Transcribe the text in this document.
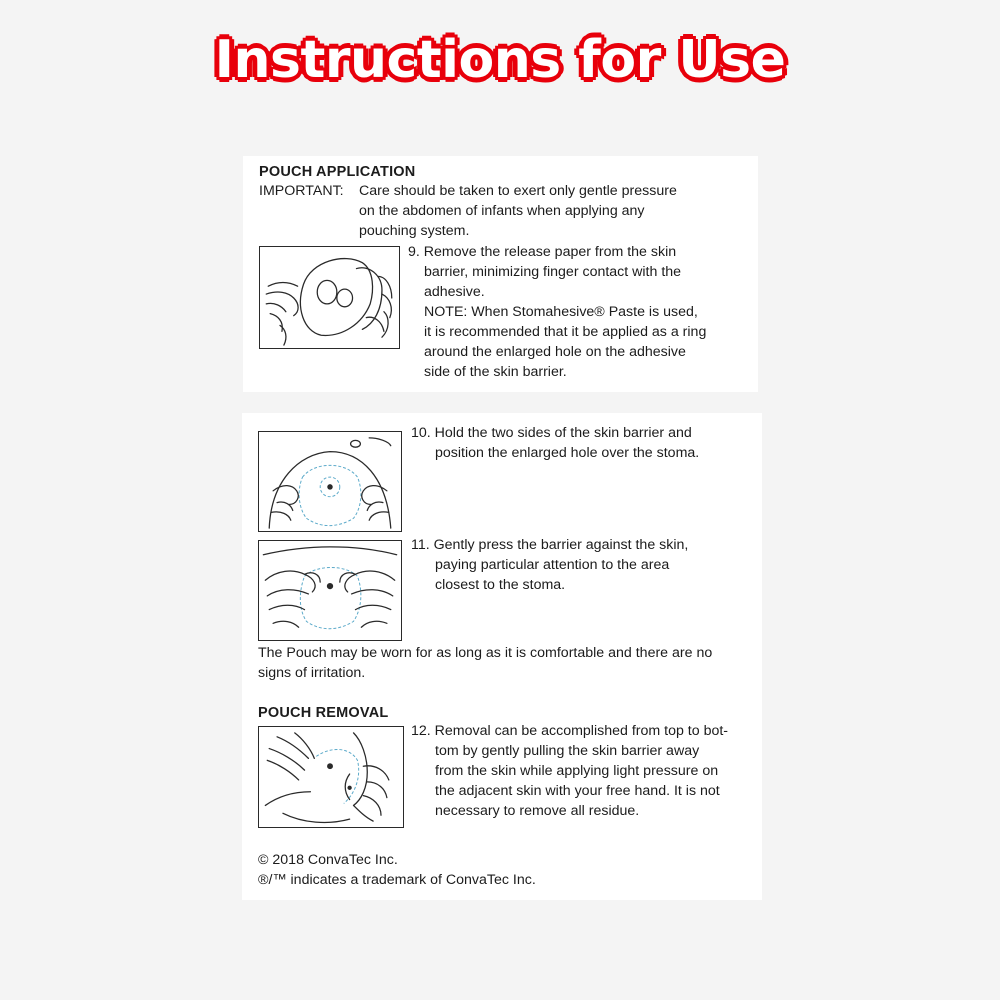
Instructions for Use
POUCH APPLICATION
IMPORTANT: Care should be taken to exert only gentle pressure
on the abdomen of infants when applying any
pouching system.
9. Remove the release paper from the skin
barrier, minimizing finger contact with the
adhesive.
NOTE: When Stomahesive® Paste is used,
it is recommended that it be applied as a ring
around the enlarged hole on the adhesive
side of the skin barrier.
10. Hold the two sides of the skin barrier and
position the enlarged hole over the stoma.
11. Gently press the barrier against the skin,
paying particular attention to the area
closest to the stoma.
The Pouch may be worn for as long as it is comfortable and there are no
signs of irritation.
POUCH REMOVAL
12. Removal can be accomplished from top to bot-
tom by gently pulling the skin barrier away
from the skin while applying light pressure on
the adjacent skin with your free hand. It is not
necessary to remove all residue.
© 2018 ConvaTec Inc.
®/™ indicates a trademark of ConvaTec Inc.
